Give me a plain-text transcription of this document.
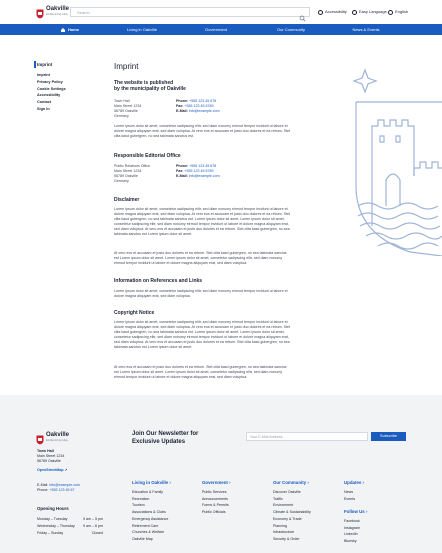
Oakville
Emblemizing today Search	Accessibility	Easy Language English
Home	Living in Oakville	Government	Our Community	News & Events
Imprint
Imprint
Privacy Policy
Cookie Settings
Accessibility
Contact
Sign In
Imprint
The website is published
by the municipality of Oakville
Town Hall
Main Street 1234
56789 Oakville
Germany
Phone: +555 123 45 678
Fax: +555 123 45 6789
E-Mail: info@example.com
Lorem ipsum dolor sit amet, consetetur sadipscing elitr, sed diam nonumy eirmod tempor invidunt ut labore et dolore magna aliquyam erat, sed diam voluptua. At vero eos et accusam et justo duo dolores et ea rebum. Stet clita kasd gubergren, no sea takimata sanctus est.
Responsible Editorial Office
Public Relations Office
Main Street 1234
56789 Oakville
Germany
Phone: +555 123 45 678
Fax: +555 123 45 6789
E-Mail: info@example.com
Disclaimer
Lorem ipsum dolor sit amet, consetetur sadipscing elitr, sed diam nonumy eirmod tempor invidunt ut labore et dolore magna aliquyam erat, sed diam voluptua. At vero eos et accusam et justo duo dolores et ea rebum. Stet clita kasd gubergren, no sea takimata sanctus est. Lorem ipsum dolor sit amet. Lorem ipsum dolor sit amet, consetetur sadipscing elitr, sed diam nonumy eirmod tempor invidunt ut labore et dolore magna aliquyam erat, sed diam voluptua. At vero eos et accusam et justo duo dolores et ea rebum. Stet clita kasd gubergren, no sea takimata sanctus est Lorem ipsum dolor sit amet.
At vero eos et accusam et justo duo dolores et ea rebum. Stet clita kasd gubergren, no sea takimata sanctus est Lorem ipsum dolor sit amet. Lorem ipsum dolor sit amet, consetetur sadipscing elitr, sed diam nonumy eirmod tempor invidunt ut labore et dolore magna aliquyam erat, sed diam voluptua.
Information on References and Links
Lorem ipsum dolor sit amet, consetetur sadipscing elitr, sed diam nonumy eirmod tempor invidunt ut labore et dolore magna aliquyam erat, sed diam voluptua.
Copyright Notice
Lorem ipsum dolor sit amet, consetetur sadipscing elitr, sed diam nonumy eirmod tempor invidunt ut labore et dolore magna aliquyam erat, sed diam voluptua. At vero eos et accusam et justo duo dolores et ea rebum. Stet clita kasd gubergren, no sea takimata sanctus est. Lorem ipsum dolor sit amet. Lorem ipsum dolor sit amet, consetetur sadipscing elitr, sed diam nonumy eirmod tempor invidunt ut labore et dolore magna aliquyam erat, sed diam voluptua. At vero eos et accusam et justo duo dolores et ea rebum. Stet clita kasd gubergren, no sea takimata sanctus est Lorem ipsum dolor sit amet.
At vero eos et accusam et justo duo dolores et ea rebum. Stet clita kasd gubergren, no sea takimata sanctus est Lorem ipsum dolor sit amet. Lorem ipsum dolor sit amet, consetetur sadipscing elitr, sed diam nonumy eirmod tempor invidunt ut labore et dolore magna aliquyam erat, sed diam voluptua.
Oakville
Emblemizing today
Town Hall
Main Street 1234
56789 Oakville
OpenStreetMap ↗
E-Mail: info@example.com
Phone: +555 123 45 67
Opening Hours
Monday – Tuesday	9 am – 5 pm
Wednesday – Thursday 9 am – 6 pm
Friday – Sunday	Closed
Join Our Newsletter for
Exclusive Updates
Your E-Mail Address	Subscribe
Living in Oakville ›
Education & Family
Recreation
Tourism
Associations & Clubs
Emergency Assistance
Retirement Care
Churches & Welfare
Oakville Map
Government ›
Public Services
Announcements
Forms & Permits
Public Officials
Our Community ›
Discover Oakville
Traffic
Environment
Climate & Sustainability
Economy & Trade
Planning
Infrastructure
Security & Order
Updates ›
News
Events
Follow Us ›
Facebook
Instagram
LinkedIn
Bluesky
